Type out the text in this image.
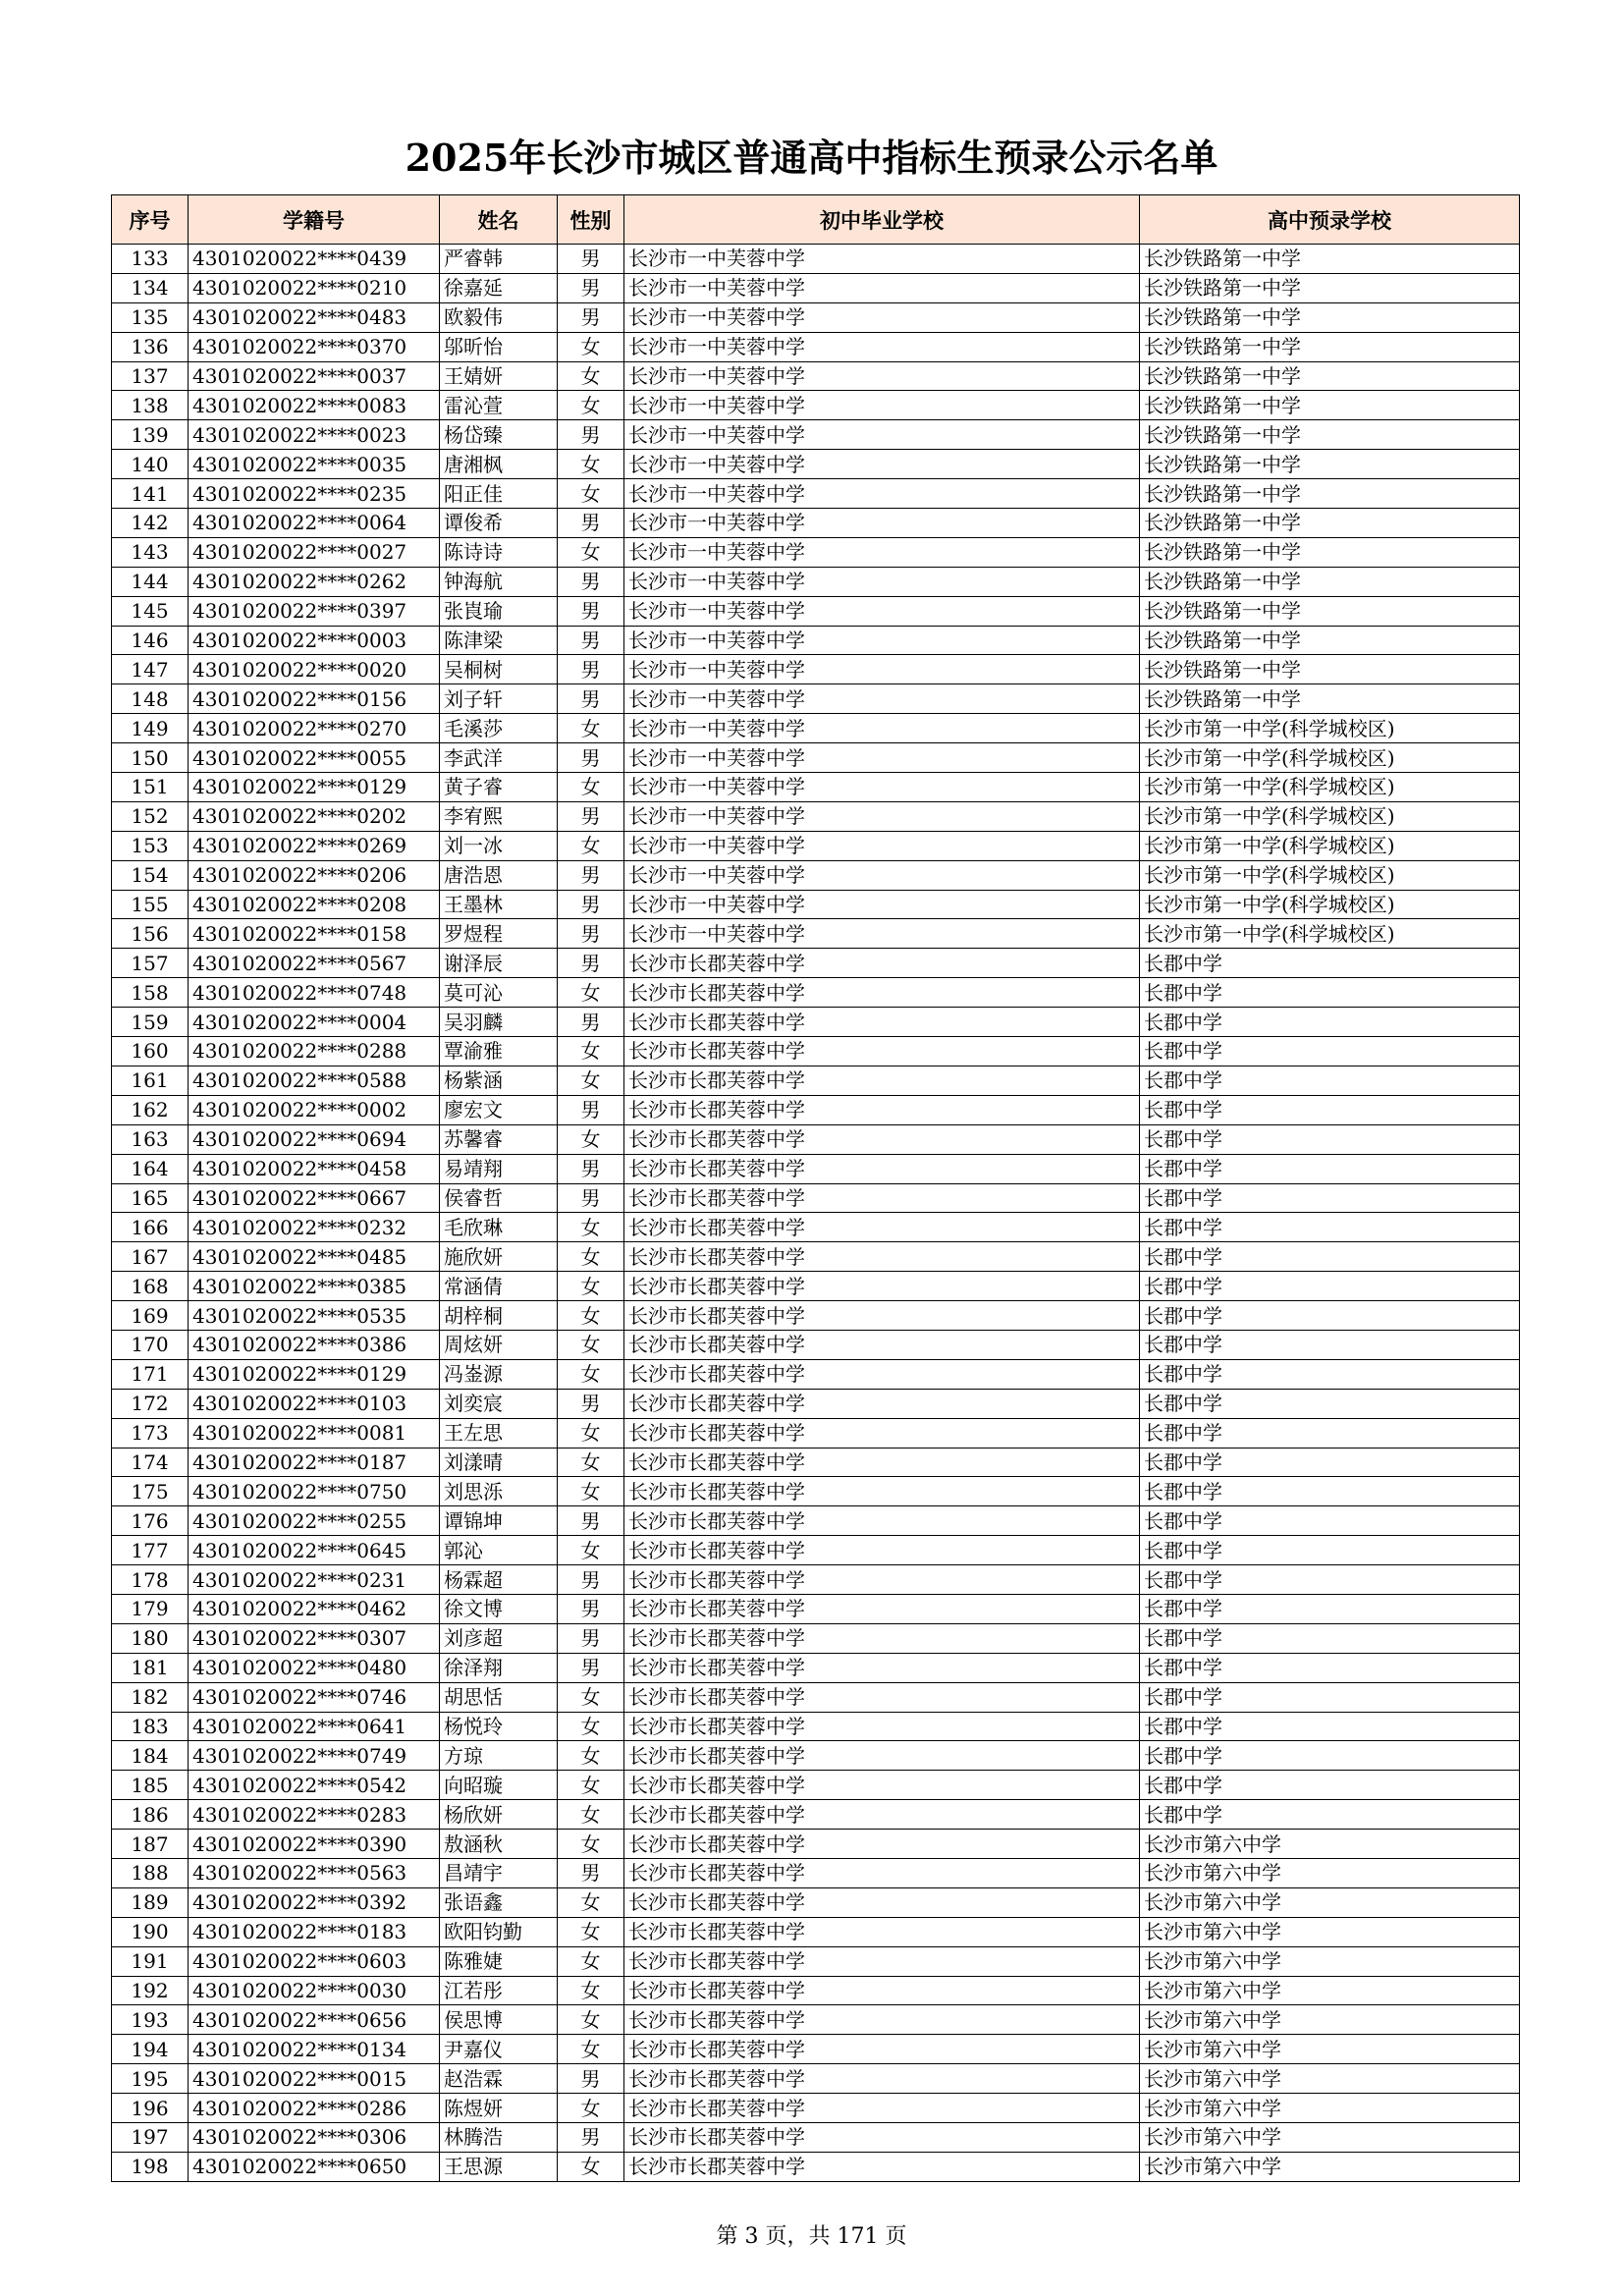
2025年长沙市城区普通高中指标生预录公示名单
序号	学籍号	姓名	性别	初中毕业学校	高中预录学校
133	4301020022****0439	严睿韩	男	长沙市一中芙蓉中学	长沙铁路第一中学
134	4301020022****0210	徐嘉延	男	长沙市一中芙蓉中学	长沙铁路第一中学
135	4301020022****0483	欧毅伟	男	长沙市一中芙蓉中学	长沙铁路第一中学
136	4301020022****0370	邬昕怡	女	长沙市一中芙蓉中学	长沙铁路第一中学
137	4301020022****0037	王婧妍	女	长沙市一中芙蓉中学	长沙铁路第一中学
138	4301020022****0083	雷沁萱	女	长沙市一中芙蓉中学	长沙铁路第一中学
139	4301020022****0023	杨岱臻	男	长沙市一中芙蓉中学	长沙铁路第一中学
140	4301020022****0035	唐湘枫	女	长沙市一中芙蓉中学	长沙铁路第一中学
141	4301020022****0235	阳正佳	女	长沙市一中芙蓉中学	长沙铁路第一中学
142	4301020022****0064	谭俊希	男	长沙市一中芙蓉中学	长沙铁路第一中学
143	4301020022****0027	陈诗诗	女	长沙市一中芙蓉中学	长沙铁路第一中学
144	4301020022****0262	钟海航	男	长沙市一中芙蓉中学	长沙铁路第一中学
145	4301020022****0397	张崀瑜	男	长沙市一中芙蓉中学	长沙铁路第一中学
146	4301020022****0003	陈津梁	男	长沙市一中芙蓉中学	长沙铁路第一中学
147	4301020022****0020	吴桐树	男	长沙市一中芙蓉中学	长沙铁路第一中学
148	4301020022****0156	刘子轩	男	长沙市一中芙蓉中学	长沙铁路第一中学
149	4301020022****0270	毛溪莎	女	长沙市一中芙蓉中学	长沙市第一中学(科学城校区)
150	4301020022****0055	李武洋	男	长沙市一中芙蓉中学	长沙市第一中学(科学城校区)
151	4301020022****0129	黄子睿	女	长沙市一中芙蓉中学	长沙市第一中学(科学城校区)
152	4301020022****0202	李宥熙	男	长沙市一中芙蓉中学	长沙市第一中学(科学城校区)
153	4301020022****0269	刘一冰	女	长沙市一中芙蓉中学	长沙市第一中学(科学城校区)
154	4301020022****0206	唐浩恩	男	长沙市一中芙蓉中学	长沙市第一中学(科学城校区)
155	4301020022****0208	王墨林	男	长沙市一中芙蓉中学	长沙市第一中学(科学城校区)
156	4301020022****0158	罗煜程	男	长沙市一中芙蓉中学	长沙市第一中学(科学城校区)
157	4301020022****0567	谢泽辰	男	长沙市长郡芙蓉中学	长郡中学
158	4301020022****0748	莫可沁	女	长沙市长郡芙蓉中学	长郡中学
159	4301020022****0004	吴羽麟	男	长沙市长郡芙蓉中学	长郡中学
160	4301020022****0288	覃渝雅	女	长沙市长郡芙蓉中学	长郡中学
161	4301020022****0588	杨紫涵	女	长沙市长郡芙蓉中学	长郡中学
162	4301020022****0002	廖宏文	男	长沙市长郡芙蓉中学	长郡中学
163	4301020022****0694	苏馨睿	女	长沙市长郡芙蓉中学	长郡中学
164	4301020022****0458	易靖翔	男	长沙市长郡芙蓉中学	长郡中学
165	4301020022****0667	侯睿哲	男	长沙市长郡芙蓉中学	长郡中学
166	4301020022****0232	毛欣琳	女	长沙市长郡芙蓉中学	长郡中学
167	4301020022****0485	施欣妍	女	长沙市长郡芙蓉中学	长郡中学
168	4301020022****0385	常涵倩	女	长沙市长郡芙蓉中学	长郡中学
169	4301020022****0535	胡梓桐	女	长沙市长郡芙蓉中学	长郡中学
170	4301020022****0386	周炫妍	女	长沙市长郡芙蓉中学	长郡中学
171	4301020022****0129	冯崟源	女	长沙市长郡芙蓉中学	长郡中学
172	4301020022****0103	刘奕宸	男	长沙市长郡芙蓉中学	长郡中学
173	4301020022****0081	王左思	女	长沙市长郡芙蓉中学	长郡中学
174	4301020022****0187	刘漾晴	女	长沙市长郡芙蓉中学	长郡中学
175	4301020022****0750	刘思泺	女	长沙市长郡芙蓉中学	长郡中学
176	4301020022****0255	谭锦坤	男	长沙市长郡芙蓉中学	长郡中学
177	4301020022****0645	郭沁	女	长沙市长郡芙蓉中学	长郡中学
178	4301020022****0231	杨霖超	男	长沙市长郡芙蓉中学	长郡中学
179	4301020022****0462	徐文博	男	长沙市长郡芙蓉中学	长郡中学
180	4301020022****0307	刘彦超	男	长沙市长郡芙蓉中学	长郡中学
181	4301020022****0480	徐泽翔	男	长沙市长郡芙蓉中学	长郡中学
182	4301020022****0746	胡思恬	女	长沙市长郡芙蓉中学	长郡中学
183	4301020022****0641	杨悦玲	女	长沙市长郡芙蓉中学	长郡中学
184	4301020022****0749	方琼	女	长沙市长郡芙蓉中学	长郡中学
185	4301020022****0542	向昭璇	女	长沙市长郡芙蓉中学	长郡中学
186	4301020022****0283	杨欣妍	女	长沙市长郡芙蓉中学	长郡中学
187	4301020022****0390	敖涵秋	女	长沙市长郡芙蓉中学	长沙市第六中学
188	4301020022****0563	昌靖宇	男	长沙市长郡芙蓉中学	长沙市第六中学
189	4301020022****0392	张语鑫	女	长沙市长郡芙蓉中学	长沙市第六中学
190	4301020022****0183	欧阳钧勤	女	长沙市长郡芙蓉中学	长沙市第六中学
191	4301020022****0603	陈雅婕	女	长沙市长郡芙蓉中学	长沙市第六中学
192	4301020022****0030	江若彤	女	长沙市长郡芙蓉中学	长沙市第六中学
193	4301020022****0656	侯思博	女	长沙市长郡芙蓉中学	长沙市第六中学
194	4301020022****0134	尹嘉仪	女	长沙市长郡芙蓉中学	长沙市第六中学
195	4301020022****0015	赵浩霖	男	长沙市长郡芙蓉中学	长沙市第六中学
196	4301020022****0286	陈煜妍	女	长沙市长郡芙蓉中学	长沙市第六中学
197	4301020022****0306	林腾浩	男	长沙市长郡芙蓉中学	长沙市第六中学
198	4301020022****0650	王思源	女	长沙市长郡芙蓉中学	长沙市第六中学
第 3 页，共 171 页
